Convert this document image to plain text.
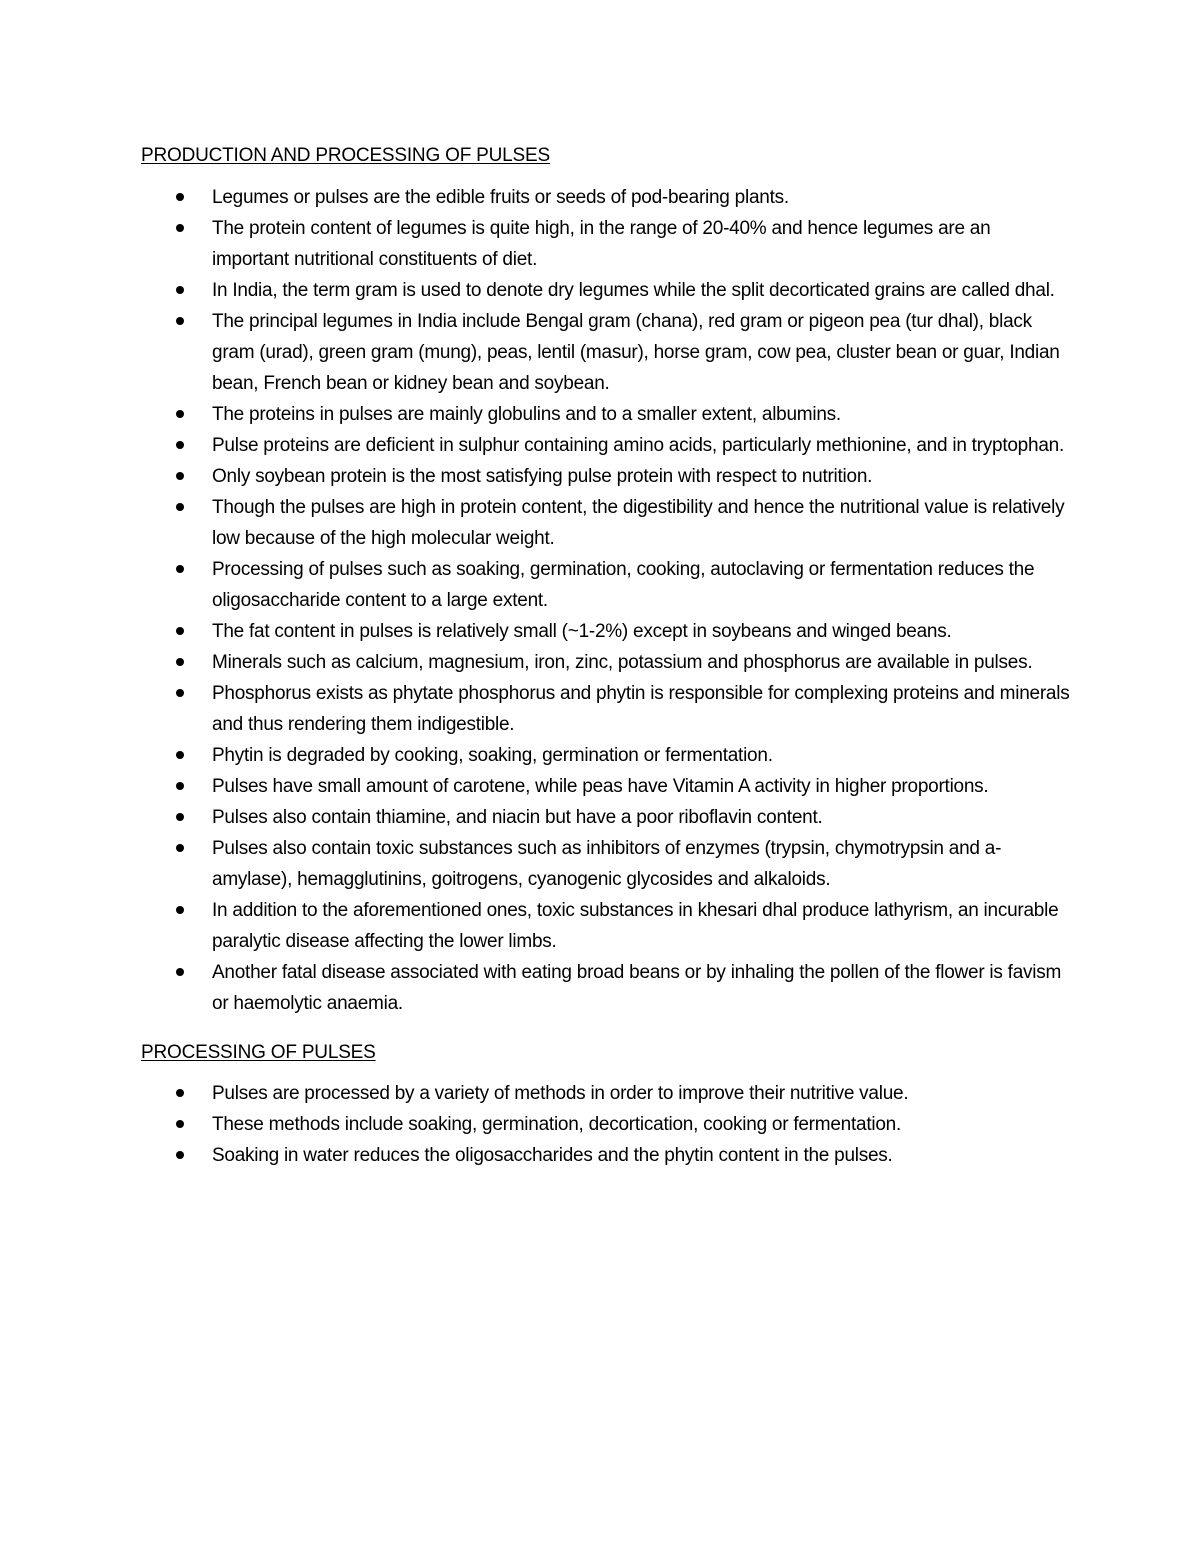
PRODUCTION AND PROCESSING OF PULSES
Legumes or pulses are the edible fruits or seeds of pod-bearing plants.
The protein content of legumes is quite high, in the range of 20-40% and hence legumes are an important nutritional constituents of diet.
In India, the term gram is used to denote dry legumes while the split decorticated grains are called dhal.
The principal legumes in India include Bengal gram (chana), red gram or pigeon pea (tur dhal), black gram (urad), green gram (mung), peas, lentil (masur), horse gram, cow pea, cluster bean or guar, Indian bean, French bean or kidney bean and soybean.
The proteins in pulses are mainly globulins and to a smaller extent, albumins.
Pulse proteins are deficient in sulphur containing amino acids, particularly methionine, and in tryptophan.
Only soybean protein is the most satisfying pulse protein with respect to nutrition.
Though the pulses are high in protein content, the digestibility and hence the nutritional value is relatively low because of the high molecular weight.
Processing of pulses such as soaking, germination, cooking, autoclaving or fermentation reduces the oligosaccharide content to a large extent.
The fat content in pulses is relatively small (~1-2%) except in soybeans and winged beans.
Minerals such as calcium, magnesium, iron, zinc, potassium and phosphorus are available in pulses.
Phosphorus exists as phytate phosphorus and phytin is responsible for complexing proteins and minerals and thus rendering them indigestible.
Phytin is degraded by cooking, soaking, germination or fermentation.
Pulses have small amount of carotene, while peas have Vitamin A activity in higher proportions.
Pulses also contain thiamine, and niacin but have a poor riboflavin content.
Pulses also contain toxic substances such as inhibitors of enzymes (trypsin, chymotrypsin and a-amylase), hemagglutinins, goitrogens, cyanogenic glycosides and alkaloids.
In addition to the aforementioned ones, toxic substances in khesari dhal produce lathyrism, an incurable paralytic disease affecting the lower limbs.
Another fatal disease associated with eating broad beans or by inhaling the pollen of the flower is favism or haemolytic anaemia.
PROCESSING OF PULSES
Pulses are processed by a variety of methods in order to improve their nutritive value.
These methods include soaking, germination, decortication, cooking or fermentation.
Soaking in water reduces the oligosaccharides and the phytin content in the pulses.
